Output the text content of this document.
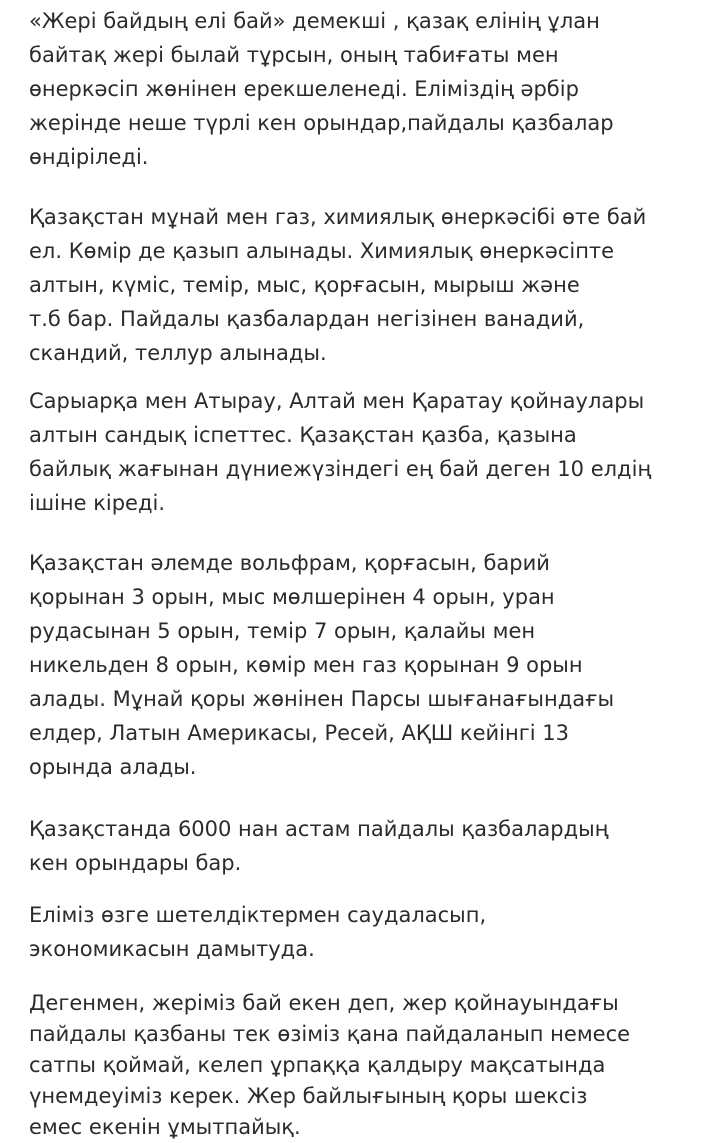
«Жері байдың елі бай» демекші , қазақ елінің ұлан
байтақ жері былай тұрсын, оның табиғаты мен
өнеркәсіп жөнінен ерекшеленеді. Еліміздің әрбір
жерінде неше түрлі кен орындар,пайдалы қазбалар
өндіріледі.
Қазақстан мұнай мен газ, химиялық өнеркәсібі өте бай
ел. Көмір де қазып алынады. Химиялық өнеркәсіпте
алтын, күміс, темір, мыс, қорғасын, мырыш және
т.б бар. Пайдалы қазбалардан негізінен ванадий,
скандий, теллур алынады.
Сарыарқа мен Атырау, Алтай мен Қаратау қойнаулары
алтын сандық іспеттес. Қазақстан қазба, қазына
байлық жағынан дүниежүзіндегі ең бай деген 10 елдің
ішіне кіреді.
Қазақстан әлемде вольфрам, қорғасын, барий
қорынан 3 орын, мыс мөлшерінен 4 орын, уран
рудасынан 5 орын, темір 7 орын, қалайы мен
никельден 8 орын, көмір мен газ қорынан 9 орын
алады. Мұнай қоры жөнінен Парсы шығанағындағы
елдер, Латын Америкасы, Ресей, АҚШ кейінгі 13
орында алады.
Қазақстанда 6000 нан астам пайдалы қазбалардың
кен орындары бар.
Еліміз өзге шетелдіктермен саудаласып,
экономикасын дамытуда.
Дегенмен, жеріміз бай екен деп, жер қойнауындағы
пайдалы қазбаны тек өзіміз қана пайдаланып немесе
сатпы қоймай, келеп ұрпаққа қалдыру мақсатында
үнемдеуіміз керек. Жер байлығының қоры шексіз
емес екенін ұмытпайық.
